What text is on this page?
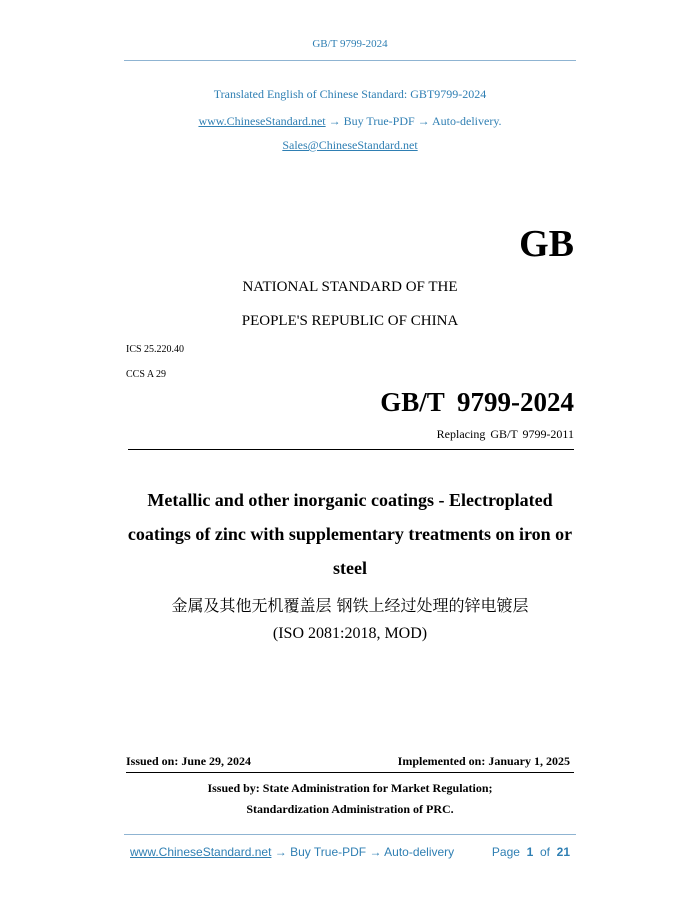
GB/T 9799-2024
Translated English of Chinese Standard: GBT9799-2024
www.ChineseStandard.net → Buy True-PDF → Auto-delivery.
Sales@ChineseStandard.net
GB
NATIONAL STANDARD OF THE
PEOPLE'S REPUBLIC OF CHINA
ICS 25.220.40
CCS A 29
GB/T 9799-2024
Replacing GB/T 9799-2011
Metallic and other inorganic coatings - Electroplated
coatings of zinc with supplementary treatments on iron or
steel
金属及其他无机覆盖层 钢铁上经过处理的锌电镀层
(ISO 2081:2018, MOD)
Issued on: June 29, 2024	Implemented on: January 1, 2025
Issued by: State Administration for Market Regulation;
Standardization Administration of PRC.
www.ChineseStandard.net → Buy True-PDF → Auto-delivery	Page 1 of 21
